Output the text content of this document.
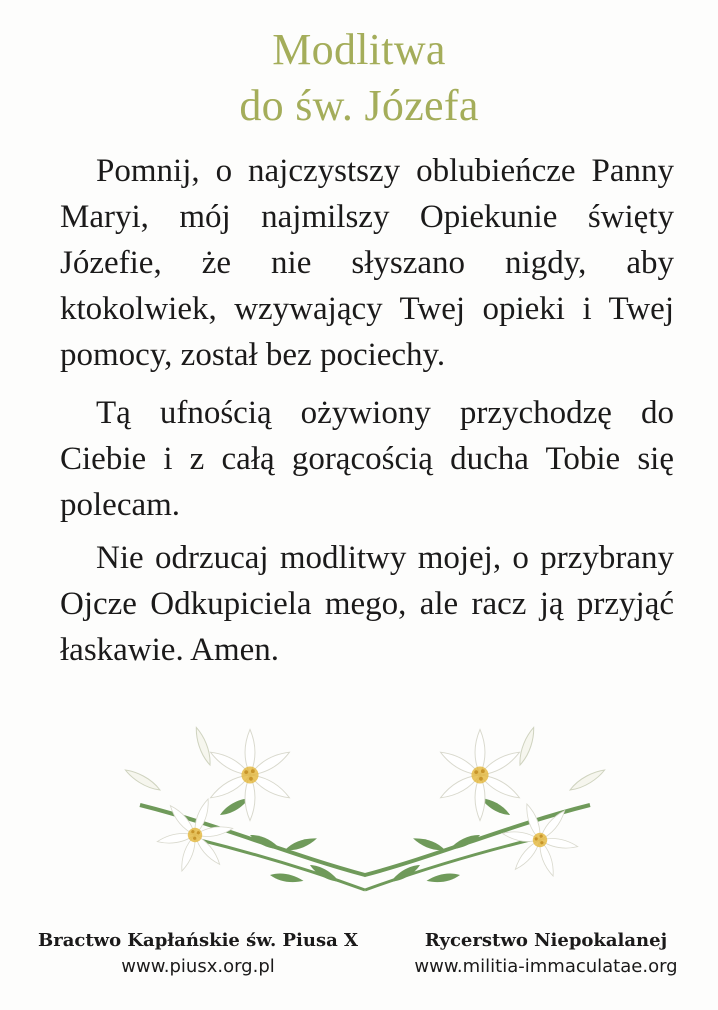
Modlitwa
do św. Józefa

Pomnij, o najczystszy oblubieńcze Panny Maryi, mój najmilszy Opiekunie święty Józefie, że nie słyszano nigdy, aby ktokolwiek, wzywający Twej opieki i Twej pomocy, został bez pociechy.

Tą ufnością ożywiony przychodzę do Ciebie i z całą gorącością ducha Tobie się polecam.

Nie odrzucaj modlitwy mojej, o przybrany Ojcze Odkupiciela mego, ale racz ją przyjąć łaskawie. Amen.

Bractwo Kapłańskie św. Piusa X
www.piusx.org.pl
Rycerstwo Niepokalanej
www.militia-immaculatae.org
